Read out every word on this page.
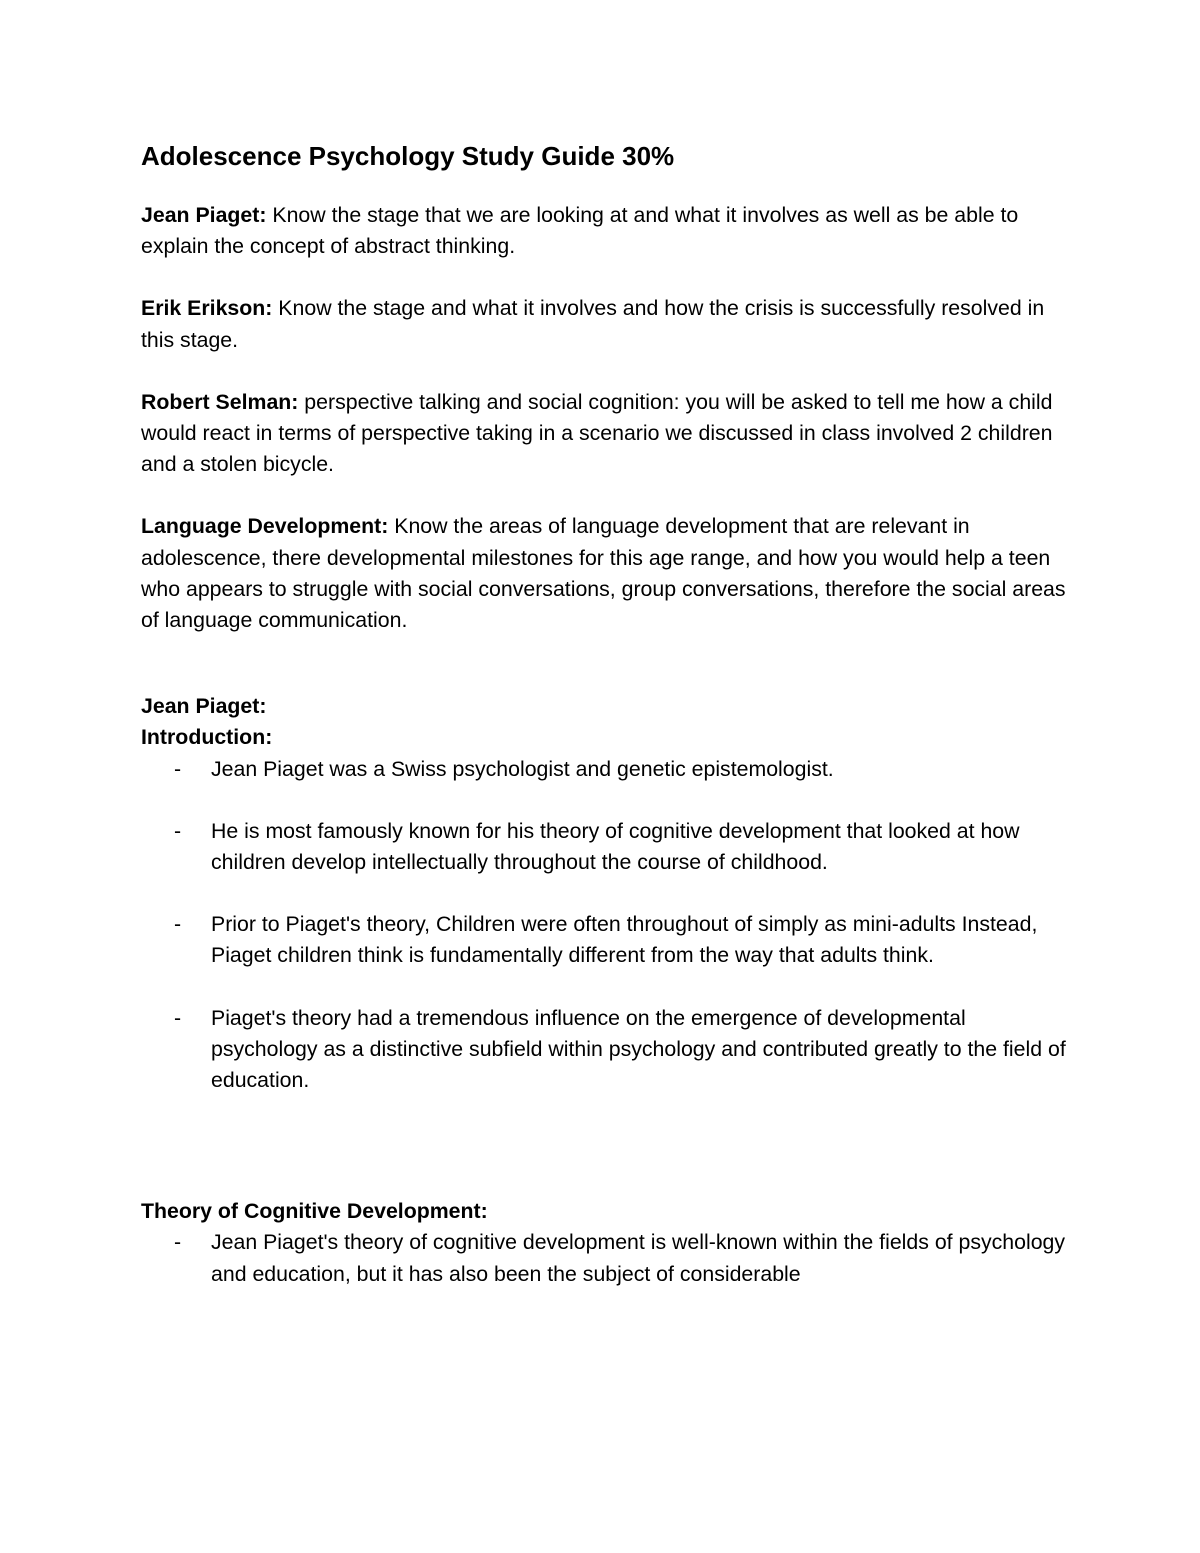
Adolescence Psychology Study Guide 30%

Jean Piaget: Know the stage that we are looking at and what it involves as well as be able to explain the concept of abstract thinking.

Erik Erikson: Know the stage and what it involves and how the crisis is successfully resolved in this stage.

Robert Selman: perspective talking and social cognition: you will be asked to tell me how a child would react in terms of perspective taking in a scenario we discussed in class involved 2 children and a stolen bicycle.

Language Development: Know the areas of language development that are relevant in adolescence, there developmental milestones for this age range, and how you would help a teen who appears to struggle with social conversations, group conversations, therefore the social areas of language communication.

Jean Piaget:

Introduction:

- Jean Piaget was a Swiss psychologist and genetic epistemologist.
- He is most famously known for his theory of cognitive development that looked at how children develop intellectually throughout the course of childhood.
- Prior to Piaget's theory, Children were often throughout of simply as mini-adults Instead, Piaget children think is fundamentally different from the way that adults think.
- Piaget's theory had a tremendous influence on the emergence of developmental psychology as a distinctive subfield within psychology and contributed greatly to the field of education.

Theory of Cognitive Development:

- Jean Piaget's theory of cognitive development is well-known within the fields of psychology and education, but it has also been the subject of considerable
